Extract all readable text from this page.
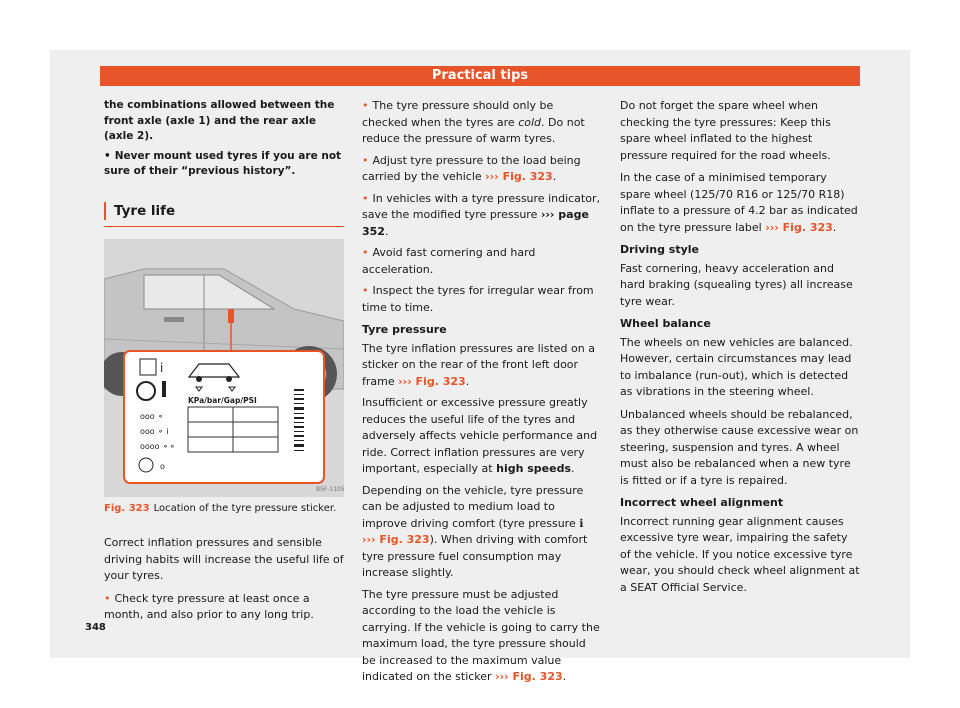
Practical tips
the combinations allowed between the
front axle (axle 1) and the rear axle (axle 2).
• Never mount used tyres if you are not
sure of their “previous history”.
Tyre life
i
KPa/bar/Gap/PSI
ooo ⚬
ooo ⚬ i
oooo ⚬⚬
o
B5F-1105
Fig. 323 Location of the tyre pressure sticker.

Correct inflation pressures and sensible driving habits will increase the useful life of your tyres.

• Check tyre pressure at least once a month, and also prior to any long trip.

• The tyre pressure should only be checked when the tyres are cold. Do not reduce the pressure of warm tyres.

• Adjust tyre pressure to the load being carried by the vehicle ››› Fig. 323.

• In vehicles with a tyre pressure indicator, save the modified tyre pressure ››› page 352.

• Avoid fast cornering and hard acceleration.

• Inspect the tyres for irregular wear from time to time.

Tyre pressure

The tyre inflation pressures are listed on a sticker on the rear of the front left door frame ››› Fig. 323.

Insufficient or excessive pressure greatly reduces the useful life of the tyres and adversely affects vehicle performance and ride. Correct inflation pressures are very important, especially at high speeds.

Depending on the vehicle, tyre pressure can be adjusted to medium load to improve driving comfort (tyre pressure ℹ ››› Fig. 323). When driving with comfort tyre pressure fuel consumption may increase slightly.

The tyre pressure must be adjusted according to the load the vehicle is carrying. If the vehicle is going to carry the maximum load, the tyre pressure should be increased to the maximum value indicated on the sticker ››› Fig. 323.

Do not forget the spare wheel when checking the tyre pressures: Keep this spare wheel inflated to the highest pressure required for the road wheels.

In the case of a minimised temporary spare wheel (125/70 R16 or 125/70 R18) inflate to a pressure of 4.2 bar as indicated on the tyre pressure label ››› Fig. 323.

Driving style

Fast cornering, heavy acceleration and hard braking (squealing tyres) all increase tyre wear.

Wheel balance

The wheels on new vehicles are balanced. However, certain circumstances may lead to imbalance (run-out), which is detected as vibrations in the steering wheel.

Unbalanced wheels should be rebalanced, as they otherwise cause excessive wear on steering, suspension and tyres. A wheel must also be rebalanced when a new tyre is fitted or if a tyre is repaired.

Incorrect wheel alignment

Incorrect running gear alignment causes excessive tyre wear, impairing the safety of the vehicle. If you notice excessive tyre wear, you should check wheel alignment at a SEAT Official Service.

348
